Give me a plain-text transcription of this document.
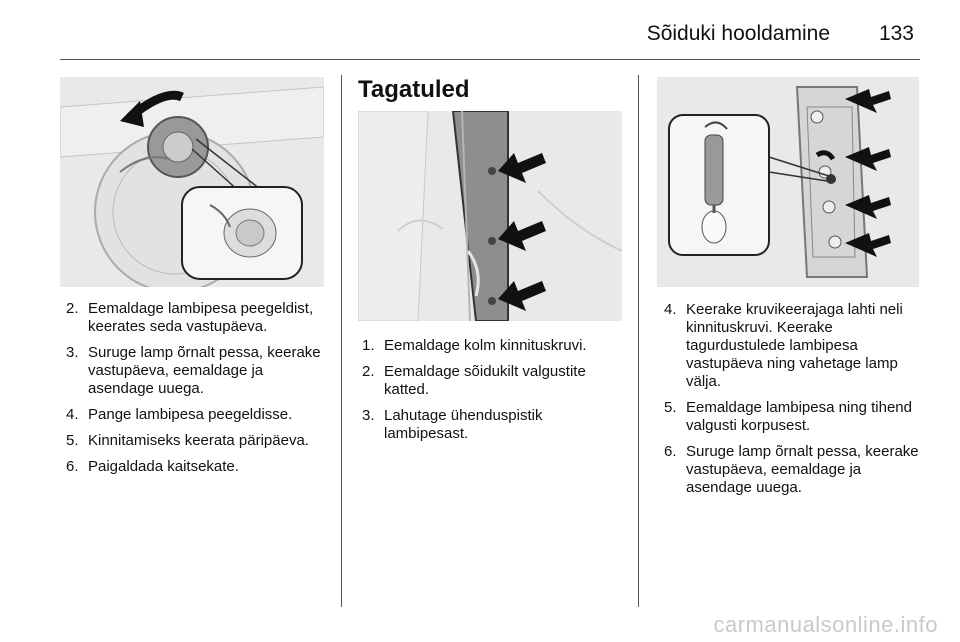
Sõiduki hooldamine 133
2. Eemaldage lambipesa peegeldist, keerates seda vastupäeva.
3. Suruge lamp õrnalt pessa, keerake vastupäeva, eemaldage ja asendage uuega.
4. Pange lambipesa peegeldisse.
5. Kinnitamiseks keerata päripäeva.
6. Paigaldada kaitsekate.
Tagatuled
1. Eemaldage kolm kinnituskruvi.
2. Eemaldage sõidukilt valgustite katted.
3. Lahutage ühenduspistik lambipesast.
4. Keerake kruvikeerajaga lahti neli kinnituskruvi. Keerake tagurdustulede lambipesa vastupäeva ning vahetage lamp välja.
5. Eemaldage lambipesa ning tihend valgusti korpusest.
6. Suruge lamp õrnalt pessa, keerake vastupäeva, eemaldage ja asendage uuega.
carmanualsonline.info
